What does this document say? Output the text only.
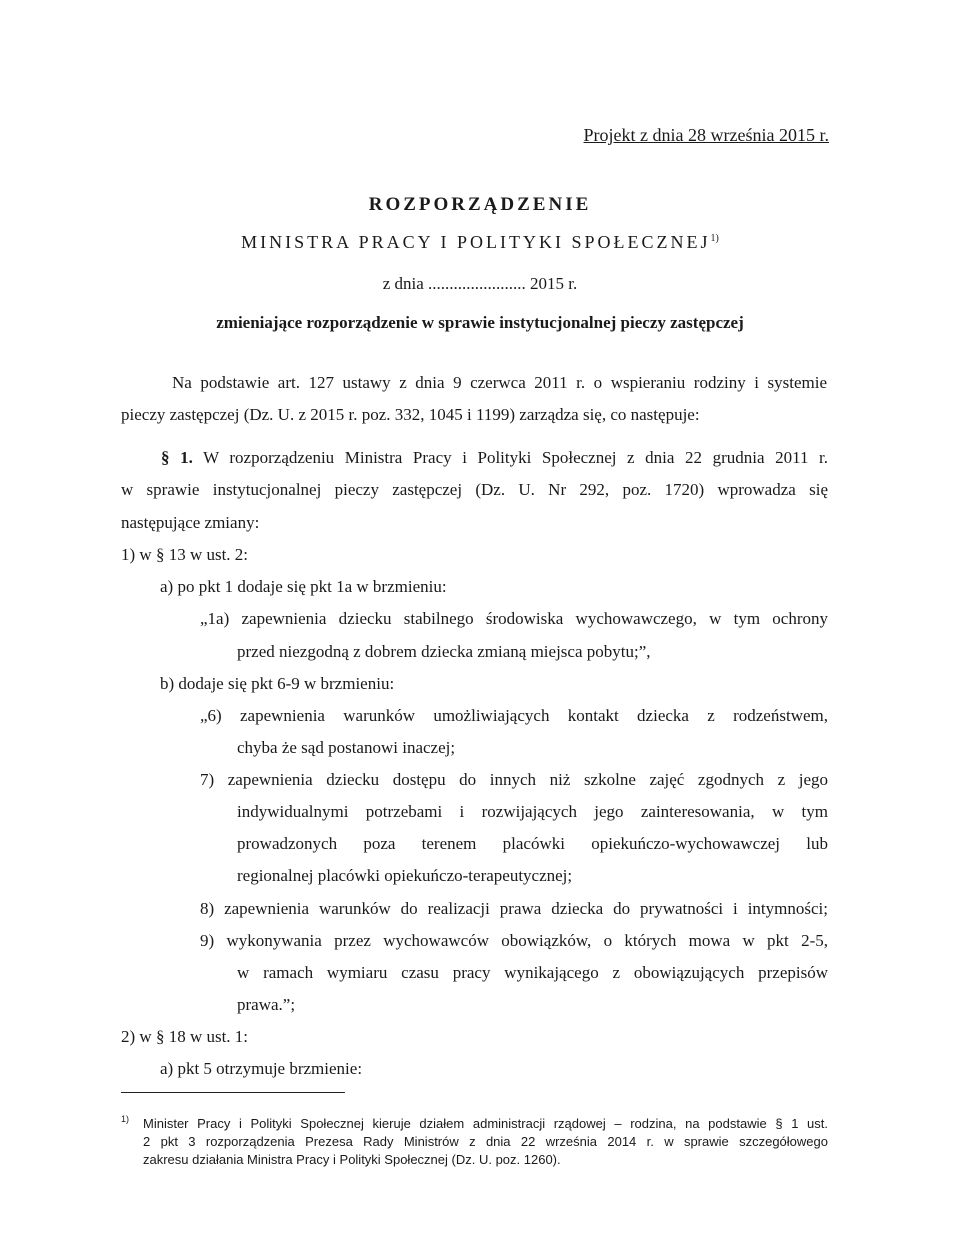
Projekt z dnia 28 września 2015 r.
ROZPORZĄDZENIE
MINISTRA PRACY I POLITYKI SPOŁECZNEJ$^{1)}$
z dnia ....................... 2015 r.
zmieniające rozporządzenie w sprawie instytucjonalnej pieczy zastępczej
Na podstawie art. 127 ustawy z dnia 9 czerwca 2011 r. o wspieraniu rodziny i systemie
pieczy zastępczej (Dz. U. z 2015 r. poz. 332, 1045 i 1199) zarządza się, co następuje:
§ 1. W rozporządzeniu Ministra Pracy i Polityki Społecznej z dnia 22 grudnia 2011 r.
w sprawie instytucjonalnej pieczy zastępczej (Dz. U. Nr 292, poz. 1720) wprowadza się
następujące zmiany:
1) w § 13 w ust. 2:
a) po pkt 1 dodaje się pkt 1a w brzmieniu:
„1a) zapewnienia dziecku stabilnego środowiska wychowawczego, w tym ochrony
przed niezgodną z dobrem dziecka zmianą miejsca pobytu;”,
b) dodaje się pkt 6-9 w brzmieniu:
„6) zapewnienia warunków umożliwiających kontakt dziecka z rodzeństwem,
chyba że sąd postanowi inaczej;
7) zapewnienia dziecku dostępu do innych niż szkolne zajęć zgodnych z jego
indywidualnymi potrzebami i rozwijających jego zainteresowania, w tym
prowadzonych poza terenem placówki opiekuńczo-wychowawczej lub
regionalnej placówki opiekuńczo-terapeutycznej;
8) zapewnienia warunków do realizacji prawa dziecka do prywatności i intymności;
9) wykonywania przez wychowawców obowiązków, o których mowa w pkt 2-5,
w ramach wymiaru czasu pracy wynikającego z obowiązujących przepisów
prawa.”;
2) w § 18 w ust. 1:
a) pkt 5 otrzymuje brzmienie:
1) Minister Pracy i Polityki Społecznej kieruje działem administracji rządowej – rodzina, na podstawie § 1 ust.
2 pkt 3 rozporządzenia Prezesa Rady Ministrów z dnia 22 września 2014 r. w sprawie szczegółowego
zakresu działania Ministra Pracy i Polityki Społecznej (Dz. U. poz. 1260).
